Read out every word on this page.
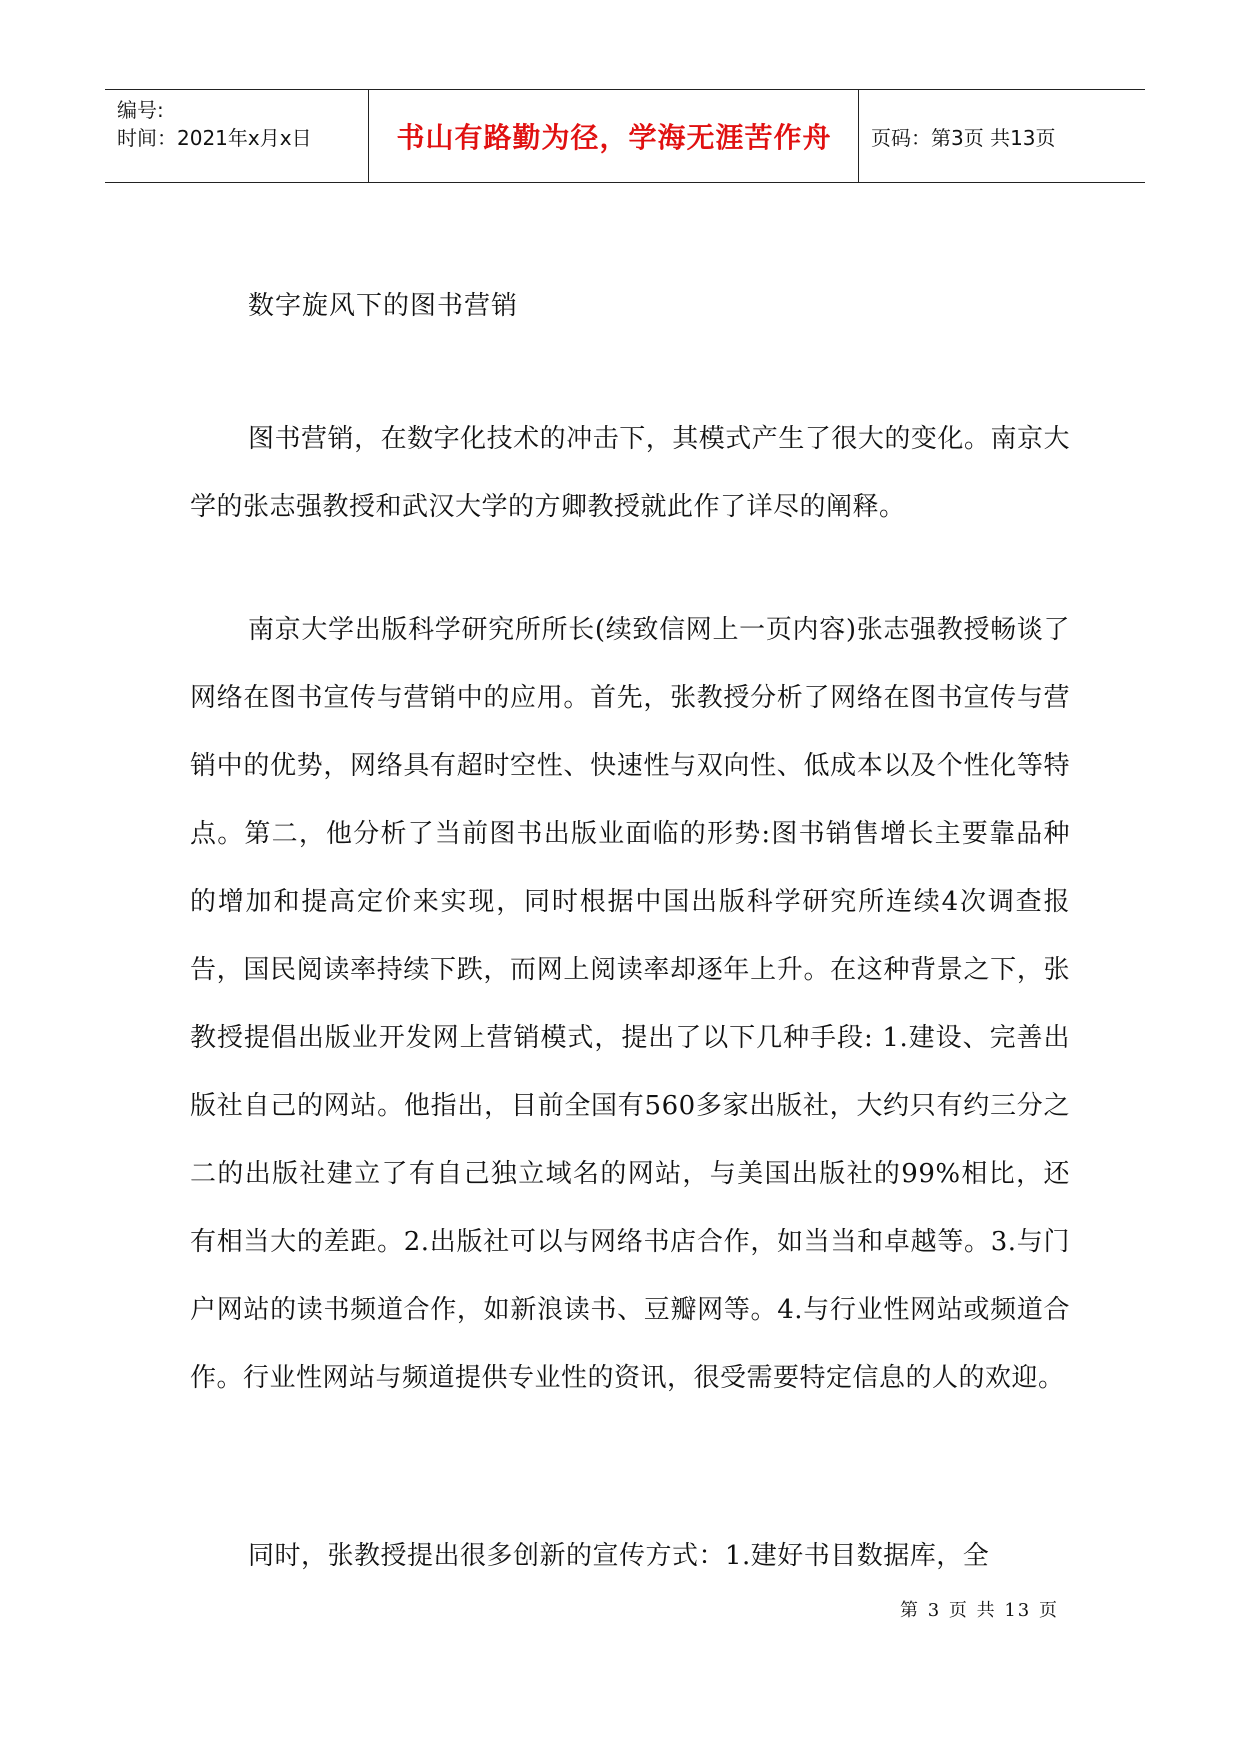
编号:
时间：2021年x月x日	书山有路勤为径，学海无涯苦作舟	页码：第3页 共13页
数字旋风下的图书营销

图书营销，在数字化技术的冲击下，其模式产生了很大的变化。南京大学的张志强教授和武汉大学的方卿教授就此作了详尽的阐释。

南京大学出版科学研究所所长(续致信网上一页内容)张志强教授畅谈了网络在图书宣传与营销中的应用。首先，张教授分析了网络在图书宣传与营销中的优势，网络具有超时空性、快速性与双向性、低成本以及个性化等特点。第二，他分析了当前图书出版业面临的形势:图书销售增长主要靠品种的增加和提高定价来实现，同时根据中国出版科学研究所连续4次调查报告，国民阅读率持续下跌，而网上阅读率却逐年上升。在这种背景之下，张教授提倡出版业开发网上营销模式，提出了以下几种手段: 1.建设、完善出版社自己的网站。他指出，目前全国有560多家出版社，大约只有约三分之二的出版社建立了有自己独立域名的网站，与美国出版社的99%相比，还有相当大的差距。2.出版社可以与网络书店合作，如当当和卓越等。3.与门户网站的读书频道合作，如新浪读书、豆瓣网等。4.与行业性网站或频道合作。行业性网站与频道提供专业性的资讯，很受需要特定信息的人的欢迎。

同时，张教授提出很多创新的宣传方式：1.建好书目数据库，全

第 3 页 共 13 页
